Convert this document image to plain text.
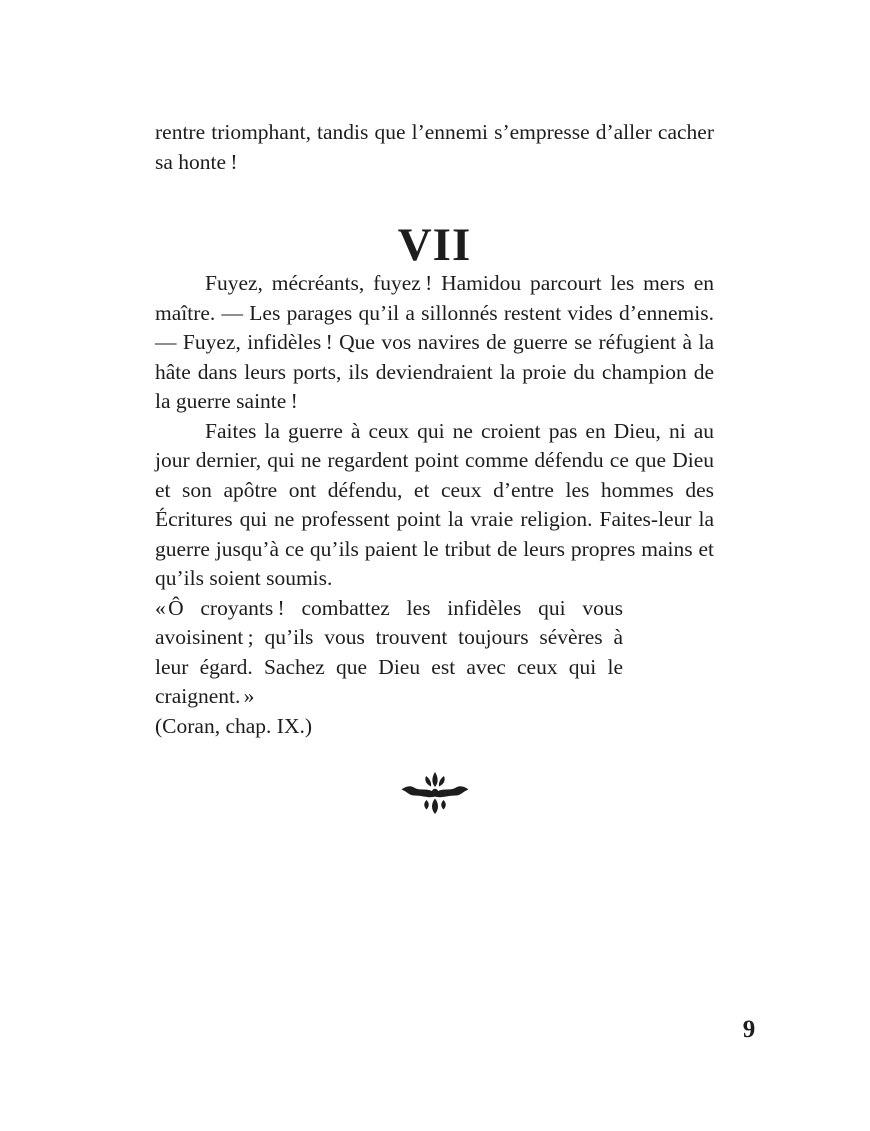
rentre triomphant, tandis que l’ennemi s’empresse d’aller cacher sa honte !

VII

Fuyez, mécréants, fuyez ! Hamidou parcourt les mers en maître. — Les parages qu’il a sillonnés restent vides d’ennemis. — Fuyez, infidèles ! Que vos navires de guerre se réfugient à la hâte dans leurs ports, ils deviendraient la proie du champion de la guerre sainte !

Faites la guerre à ceux qui ne croient pas en Dieu, ni au jour dernier, qui ne regardent point comme défendu ce que Dieu et son apôtre ont défendu, et ceux d’entre les hommes des Écritures qui ne professent point la vraie religion. Faites-leur la guerre jusqu’à ce qu’ils paient le tribut de leurs propres mains et qu’ils soient soumis.

« Ô croyants ! combattez les infidèles qui vous avoisinent ; qu’ils vous trouvent toujours sévères à leur égard. Sachez que Dieu est avec ceux qui le craignent. »

(Coran, chap. IX.)

9
